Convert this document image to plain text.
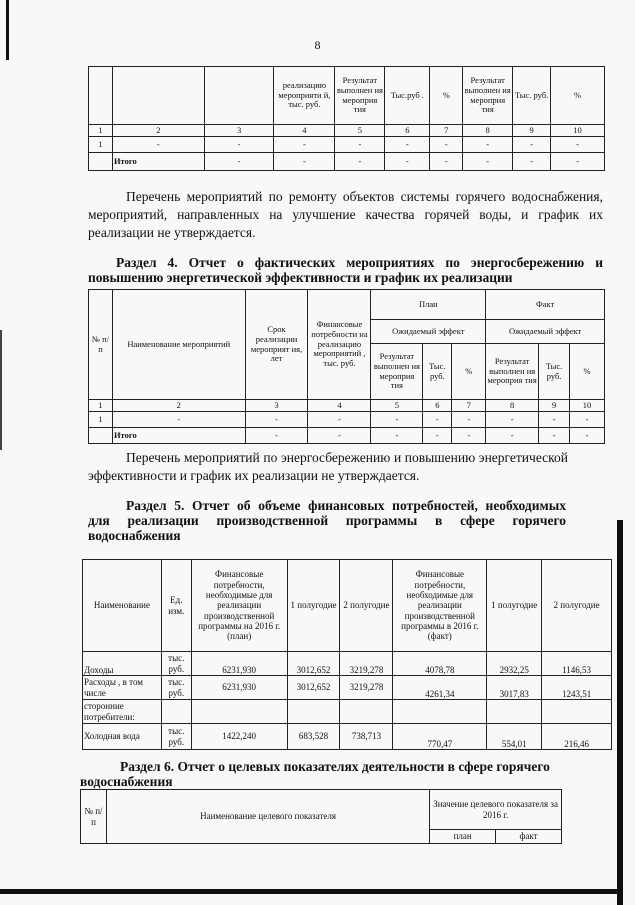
8
			реализацию мероприяти й, тыс. руб.	Результат выполнен ия мероприя тия	Тыс.руб .	%	Результат выполнен ия мероприя тия	Тыс. руб.	%
1	2	3	4	5	6	7	8	9	10
1	-	-	-	-	-	-	-	-	-
	Итого	-	-	-	-	-	-	-	-
Перечень мероприятий по ремонту объектов системы горячего водоснабжения, мероприятий, направленных на улучшение качества горячей воды, и график их реализации не утверждается.
Раздел 4. Отчет о фактических мероприятиях по энергосбережению и повышению энергетической эффективности и график их реализации
№ п/ п	Наименование мероприятий	Срок реализации мероприят ия, лет	Финансовые потребности на реализацию мероприятий , тыс. руб.	План			Факт		
				Ожидаемый эффект			Ожидаемый эффект		
				Результат выполнен ия мероприя тия	Тыс. руб.	%	Результат выполнен ия мероприя тия	Тыс. руб.	%
1	2	3	4	5	6	7	8	9	10
1	-	-	-	-	-	-	-	-	-
	Итого	-	-	-	-	-	-	-	-
Перечень мероприятий по энергосбережению и повышению энергетической эффективности и график их реализации не утверждается.
Раздел 5. Отчет об объеме финансовых потребностей, необходимых для реализации производственной программы в сфере горячего водоснабжения
Наименование	Ед. изм.	Финансовые потребности, необходимые для реализации производственной программы на 2016 г. (план)	1 полугодие	2 полугодие	Финансовые потребности, необходимые для реализации производственной программы в 2016 г. (факт)	1 полугодие	2 полугодие
Доходы	тыс. руб.	6231,930	3012,652	3219,278	4078,78	2932,25	1146,53
Расходы , в том числе	тыс. руб.	6231,930	3012,652	3219,278	4261,34	3017,83	1243,51
сторонние потребители:							
Холодная вода	тыс. руб.	1422,240	683,528	738,713	770,47	554,01	216,46
Раздел 6. Отчет о целевых показателях деятельности в сфере горячего водоснабжения
№ п/п	Наименование целевого показателя	Значение целевого показателя за 2016 г.	
		план	факт
